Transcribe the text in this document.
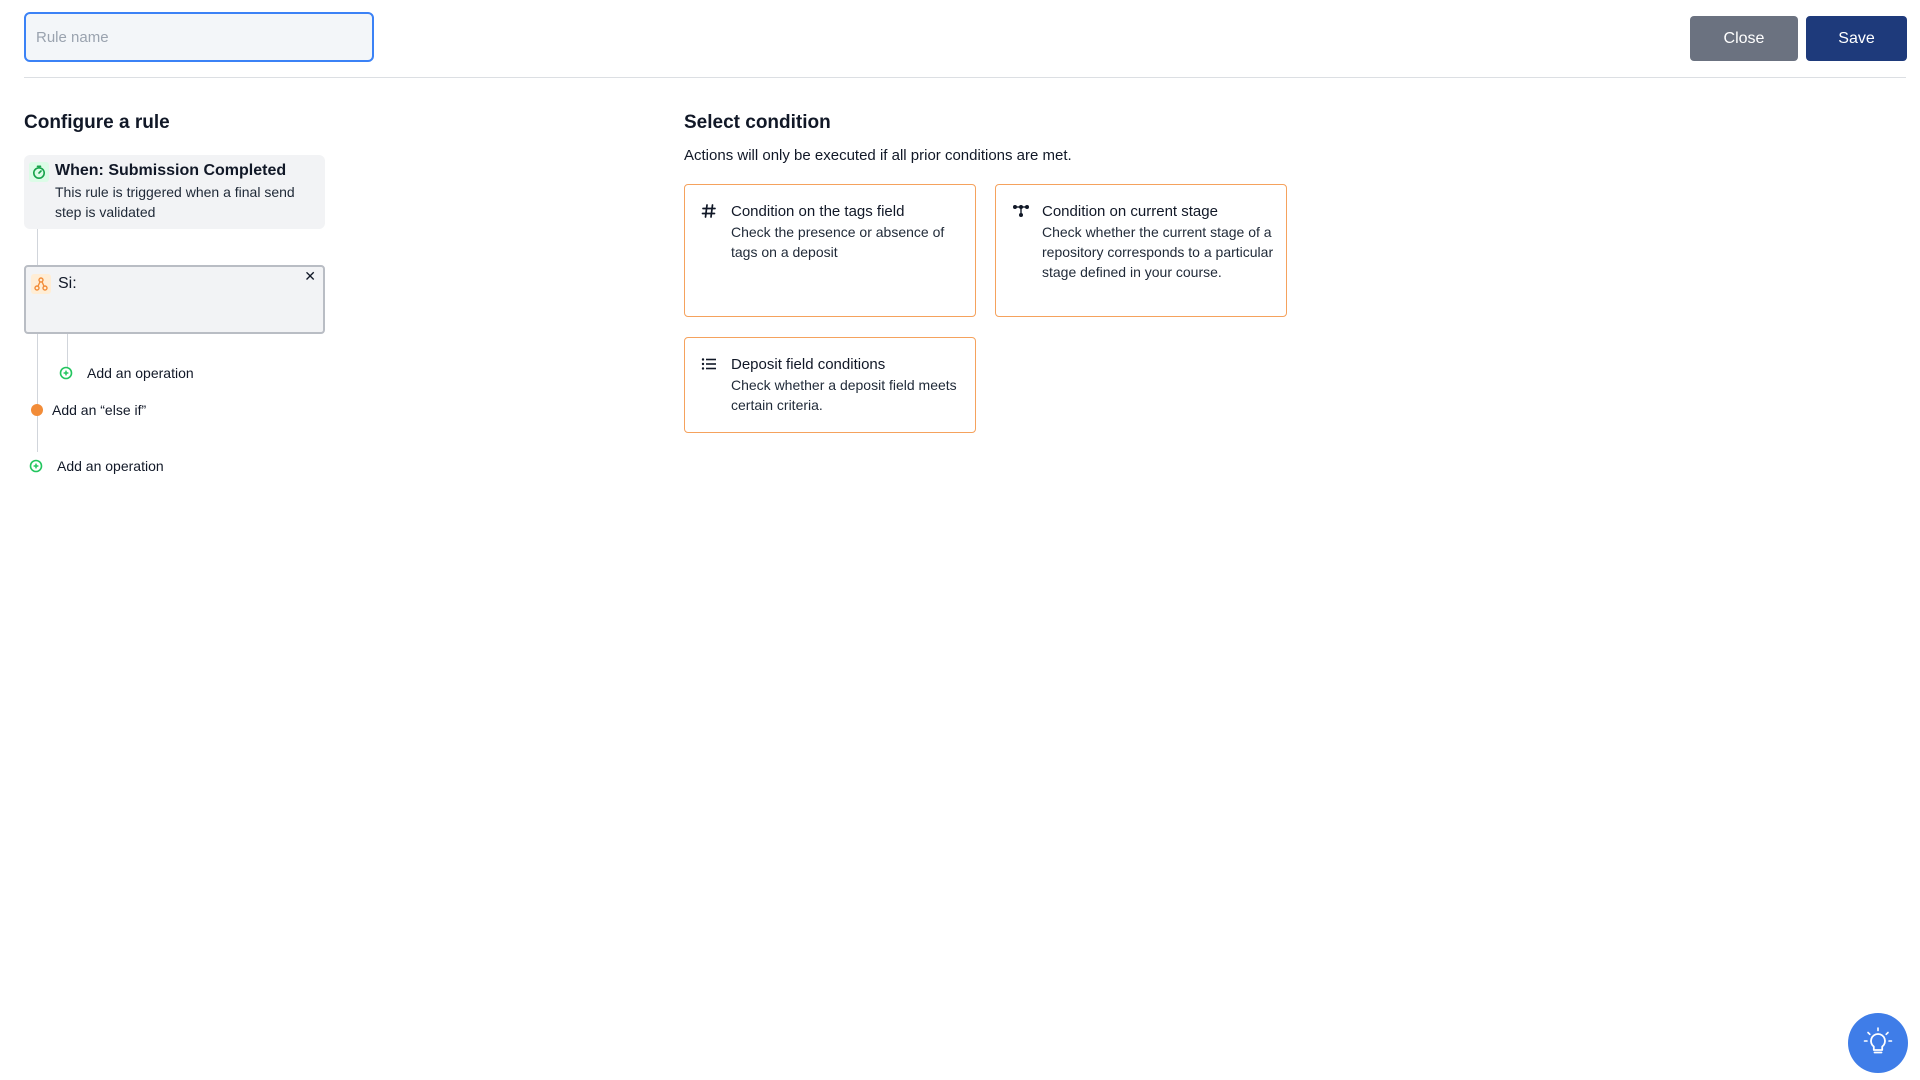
Rule name
Close	Save
Configure a rule
When: Submission Completed
This rule is triggered when a final send step is validated
Si:	✕
Add an operation
Add an “else if”
Add an operation
Select condition
Actions will only be executed if all prior conditions are met.
Condition on the tags field
Check the presence or absence of tags on a deposit
Condition on current stage
Check whether the current stage of a repository corresponds to a particular stage defined in your course.
Deposit field conditions
Check whether a deposit field meets certain criteria.
